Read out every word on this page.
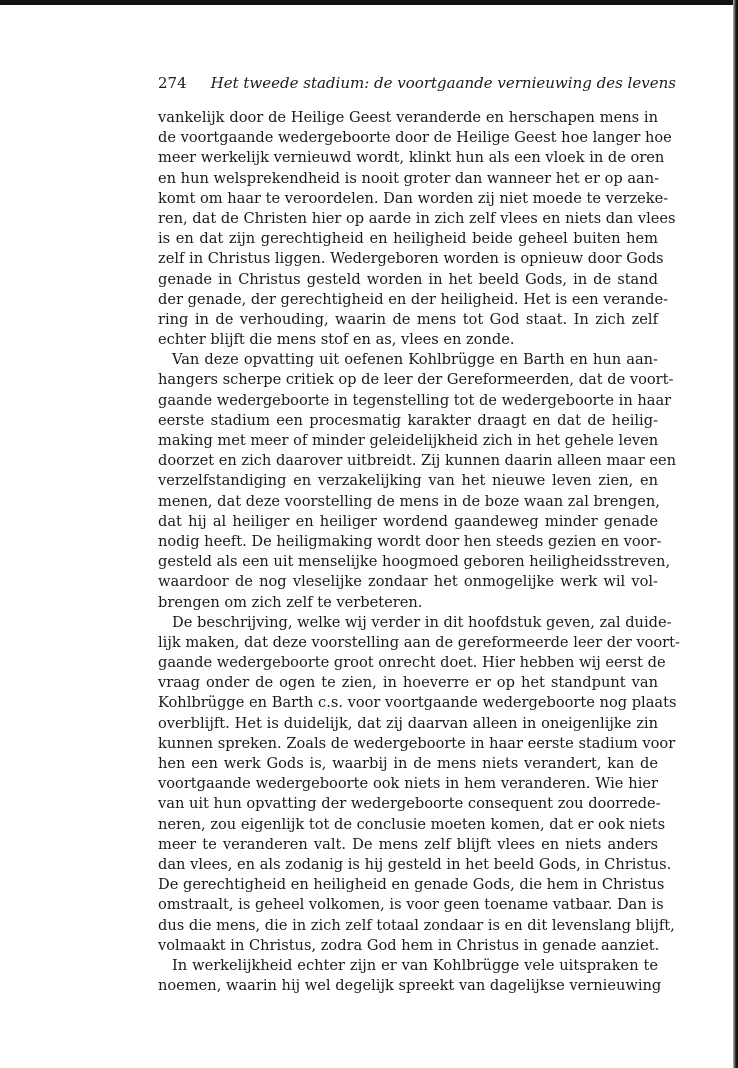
274 Het tweede stadium: de voortgaande vernieuwing des levens
vankelijk door de Heilige Geest veranderde en herschapen mens in
de voortgaande wedergeboorte door de Heilige Geest hoe langer hoe
meer werkelijk vernieuwd wordt, klinkt hun als een vloek in de oren
en hun welsprekendheid is nooit groter dan wanneer het er op aan-
komt om haar te veroordelen. Dan worden zij niet moede te verzeke-
ren, dat de Christen hier op aarde in zich zelf vlees en niets dan vlees
is en dat zijn gerechtigheid en heiligheid beide geheel buiten hem
zelf in Christus liggen. Wedergeboren worden is opnieuw door Gods
genade in Christus gesteld worden in het beeld Gods, in de stand
der genade, der gerechtigheid en der heiligheid. Het is een verande-
ring in de verhouding, waarin de mens tot God staat. In zich zelf
echter blijft die mens stof en as, vlees en zonde.
Van deze opvatting uit oefenen Kohlbrügge en Barth en hun aan-
hangers scherpe critiek op de leer der Gereformeerden, dat de voort-
gaande wedergeboorte in tegenstelling tot de wedergeboorte in haar
eerste stadium een procesmatig karakter draagt en dat de heilig-
making met meer of minder geleidelijkheid zich in het gehele leven
doorzet en zich daarover uitbreidt. Zij kunnen daarin alleen maar een
verzelfstandiging en verzakelijking van het nieuwe leven zien, en
menen, dat deze voorstelling de mens in de boze waan zal brengen,
dat hij al heiliger en heiliger wordend gaandeweg minder genade
nodig heeft. De heiligmaking wordt door hen steeds gezien en voor-
gesteld als een uit menselijke hoogmoed geboren heiligheidsstreven,
waardoor de nog vleselijke zondaar het onmogelijke werk wil vol-
brengen om zich zelf te verbeteren.
De beschrijving, welke wij verder in dit hoofdstuk geven, zal duide-
lijk maken, dat deze voorstelling aan de gereformeerde leer der voort-
gaande wedergeboorte groot onrecht doet. Hier hebben wij eerst de
vraag onder de ogen te zien, in hoeverre er op het standpunt van
Kohlbrügge en Barth c.s. voor voortgaande wedergeboorte nog plaats
overblijft. Het is duidelijk, dat zij daarvan alleen in oneigenlijke zin
kunnen spreken. Zoals de wedergeboorte in haar eerste stadium voor
hen een werk Gods is, waarbij in de mens niets verandert, kan de
voortgaande wedergeboorte ook niets in hem veranderen. Wie hier
van uit hun opvatting der wedergeboorte consequent zou doorrede-
neren, zou eigenlijk tot de conclusie moeten komen, dat er ook niets
meer te veranderen valt. De mens zelf blijft vlees en niets anders
dan vlees, en als zodanig is hij gesteld in het beeld Gods, in Christus.
De gerechtigheid en heiligheid en genade Gods, die hem in Christus
omstraalt, is geheel volkomen, is voor geen toename vatbaar. Dan is
dus die mens, die in zich zelf totaal zondaar is en dit levenslang blijft,
volmaakt in Christus, zodra God hem in Christus in genade aanziet.
In werkelijkheid echter zijn er van Kohlbrügge vele uitspraken te
noemen, waarin hij wel degelijk spreekt van dagelijkse vernieuwing
